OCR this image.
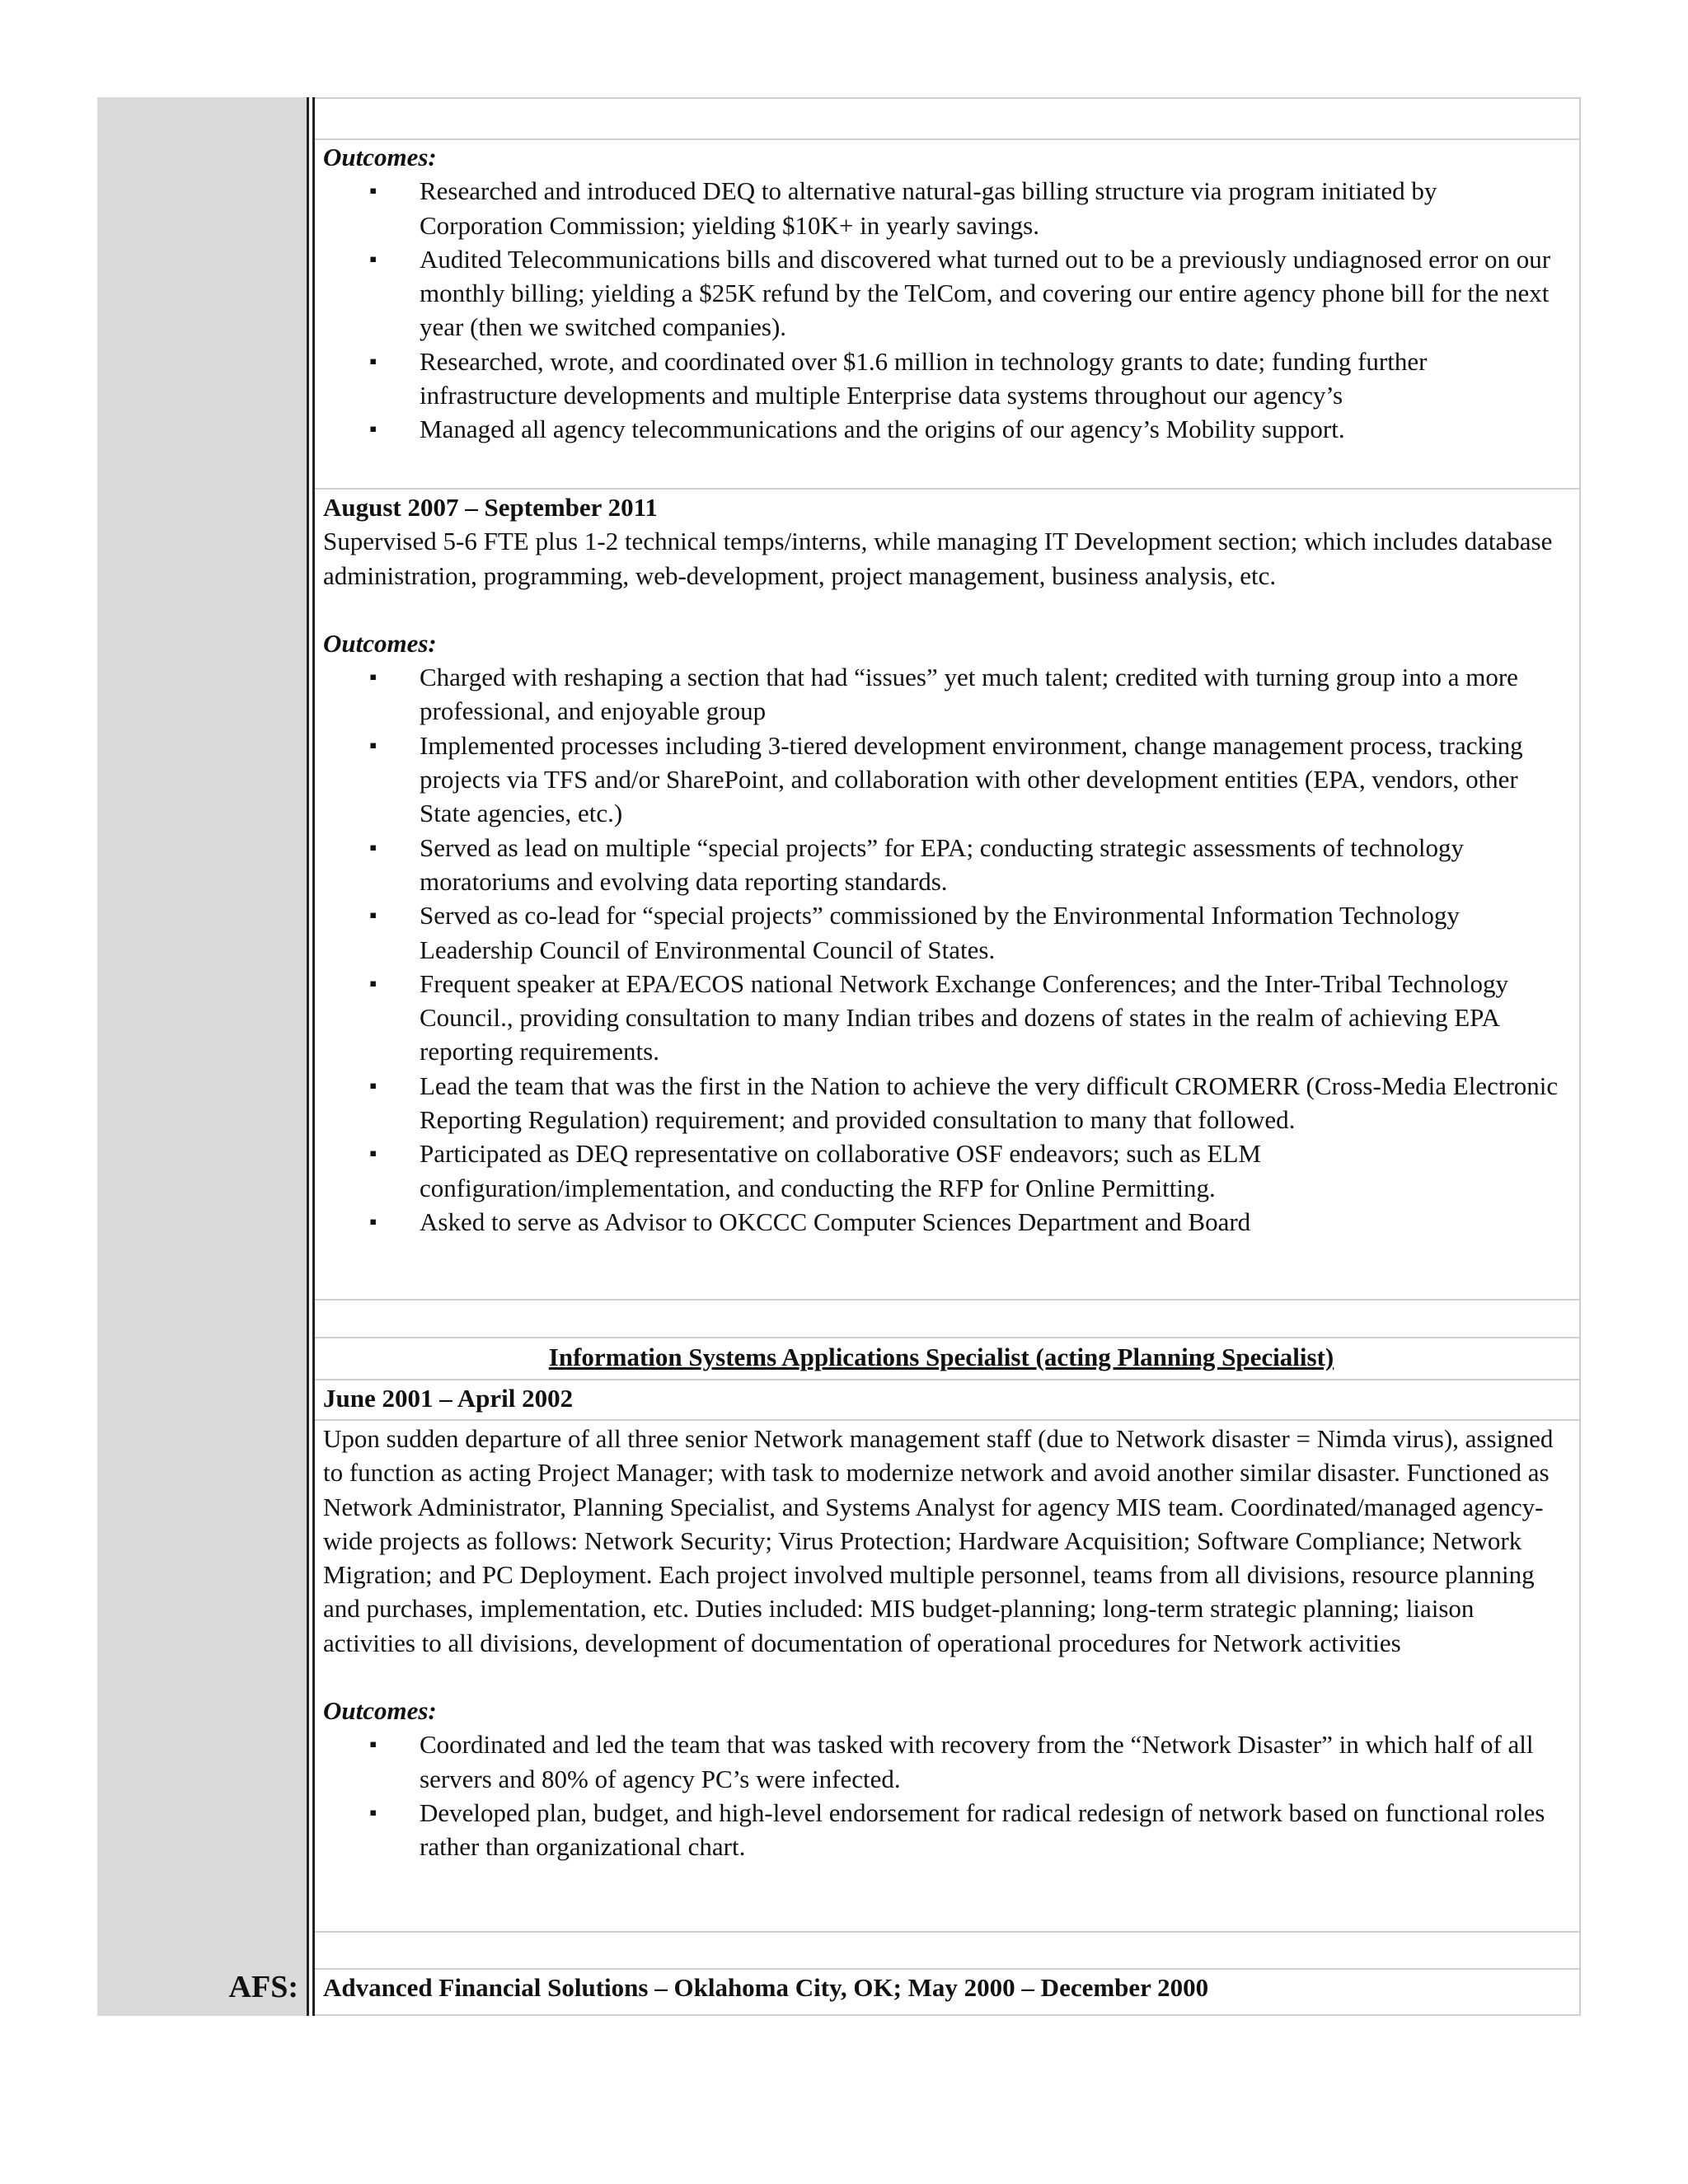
Outcomes:

▪ Researched and introduced DEQ to alternative natural-gas billing structure via program initiated by Corporation Commission; yielding $10K+ in yearly savings.
▪ Audited Telecommunications bills and discovered what turned out to be a previously undiagnosed error on our monthly billing; yielding a $25K refund by the TelCom, and covering our entire agency phone bill for the next year (then we switched companies).
▪ Researched, wrote, and coordinated over $1.6 million in technology grants to date; funding further infrastructure developments and multiple Enterprise data systems throughout our agency’s
▪ Managed all agency telecommunications and the origins of our agency’s Mobility support.

August 2007 – September 2011

Supervised 5-6 FTE plus 1-2 technical temps/interns, while managing IT Development section; which includes database administration, programming, web-development, project management, business analysis, etc.

Outcomes:

▪ Charged with reshaping a section that had “issues” yet much talent; credited with turning group into a more professional, and enjoyable group
▪ Implemented processes including 3-tiered development environment, change management process, tracking projects via TFS and/or SharePoint, and collaboration with other development entities (EPA, vendors, other State agencies, etc.)
▪ Served as lead on multiple “special projects” for EPA; conducting strategic assessments of technology moratoriums and evolving data reporting standards.
▪ Served as co-lead for “special projects” commissioned by the Environmental Information Technology Leadership Council of Environmental Council of States.
▪ Frequent speaker at EPA/ECOS national Network Exchange Conferences; and the Inter-Tribal Technology Council., providing consultation to many Indian tribes and dozens of states in the realm of achieving EPA reporting requirements.
▪ Lead the team that was the first in the Nation to achieve the very difficult CROMERR (Cross-Media Electronic Reporting Regulation) requirement; and provided consultation to many that followed.
▪ Participated as DEQ representative on collaborative OSF endeavors; such as ELM configuration/implementation, and conducting the RFP for Online Permitting.
▪ Asked to serve as Advisor to OKCCC Computer Sciences Department and Board

Information Systems Applications Specialist (acting Planning Specialist)

June 2001 – April 2002

Upon sudden departure of all three senior Network management staff (due to Network disaster = Nimda virus), assigned to function as acting Project Manager; with task to modernize network and avoid another similar disaster. Functioned as Network Administrator, Planning Specialist, and Systems Analyst for agency MIS team. Coordinated/managed agency-wide projects as follows: Network Security; Virus Protection; Hardware Acquisition; Software Compliance; Network Migration; and PC Deployment. Each project involved multiple personnel, teams from all divisions, resource planning and purchases, implementation, etc. Duties included: MIS budget-planning; long-term strategic planning; liaison activities to all divisions, development of documentation of operational procedures for Network activities

Outcomes:

▪ Coordinated and led the team that was tasked with recovery from the “Network Disaster” in which half of all servers and 80% of agency PC’s were infected.
▪ Developed plan, budget, and high-level endorsement for radical redesign of network based on functional roles rather than organizational chart.
AFS: Advanced Financial Solutions – Oklahoma City, OK; May 2000 – December 2000
